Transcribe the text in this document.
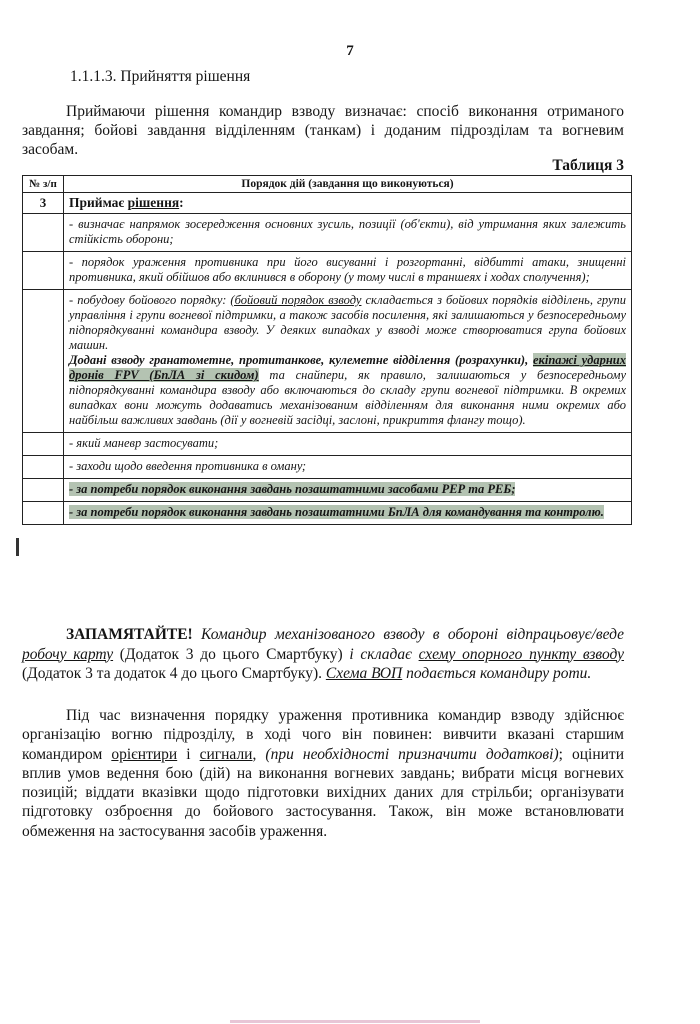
7
1.1.1.3. Прийняття рішення

Приймаючи рішення командир взводу визначає: спосіб виконання отриманого завдання; бойові завдання відділенням (танкам) і доданим підрозділам та вогневим засобам.

Таблиця 3
№ з/п	Порядок дій (завдання що виконуються)
3	Приймає рішення:
	- визначає напрямок зосередження основних зусиль, позиції (об'єкти), від утримання яких залежить стійкість оборони;
	- порядок ураження противника при його висуванні і розгортанні, відбитті атаки, знищенні противника, який обійшов або вклинився в оборону (у тому числі в траншеях і ходах сполучення);
	- побудову бойового порядку: (бойовий порядок взводу складається з бойових порядків відділень, групи управління і групи вогневої підтримки, а також засобів посилення, які залишаються у безпосередньому підпорядкуванні командира взводу. У деяких випадках у взводі може створюватися група бойових машин.
Додані взводу гранатометне, протитанкове, кулеметне відділення (розрахунки), екіпажі ударних дронів FPV (БпЛА зі скидом) та снайпери, як правило, залишаються у безпосередньому підпорядкуванні командира взводу або включаються до складу групи вогневої підтримки. В окремих випадках вони можуть додаватись механізованим відділенням для виконання ними окремих або найбільш важливих завдань (дії у вогневій засідці, заслоні, прикриття флангу тощо).
	- який маневр застосувати;
	- заходи щодо введення противника в оману;
	- за потреби порядок виконання завдань позаштатними засобами РЕР та РЕБ;
	- за потреби порядок виконання завдань позаштатними БпЛА для командування та контролю.

ЗАПАМЯТАЙТЕ! Командир механізованого взводу в обороні відпрацьовує/веде робочу карту (Додаток 3 до цього Смартбуку) і складає схему опорного пункту взводу (Додаток 3 та додаток 4 до цього Смартбуку). Схема ВОП подається командиру роти.

Під час визначення порядку ураження противника командир взводу здійснює організацію вогню підрозділу, в ході чого він повинен: вивчити вказані старшим командиром орієнтири і сигнали, (при необхідності призначити додаткові); оцінити вплив умов ведення бою (дій) на виконання вогневих завдань; вибрати місця вогневих позицій; віддати вказівки щодо підготовки вихідних даних для стрільби; організувати підготовку озброєння до бойового застосування. Також, він може встановлювати обмеження на застосування засобів ураження.
